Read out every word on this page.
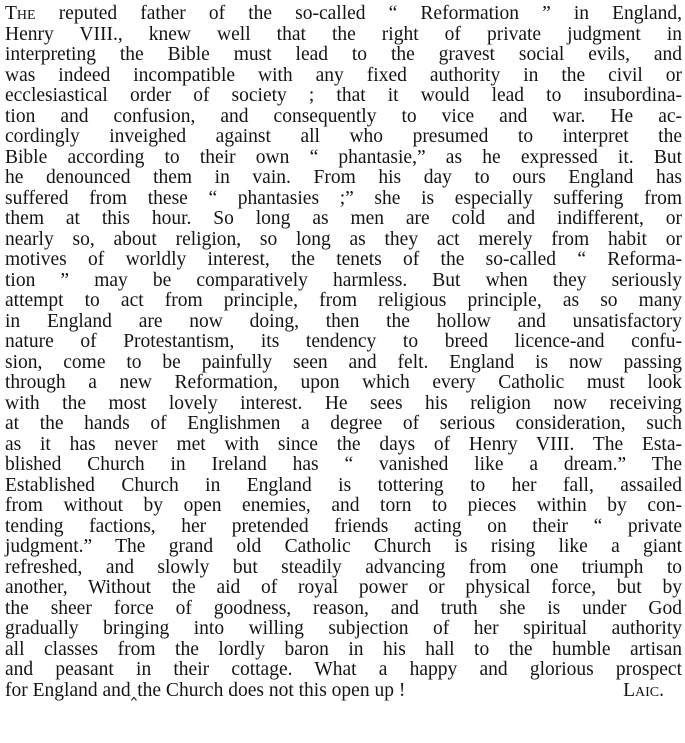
The reputed father of the so-called “ Reformation ” in England,
Henry VIII., knew well that the right of private judgment in
interpreting the Bible must lead to the gravest social evils, and
was indeed incompatible with any fixed authority in the civil or
ecclesiastical order of society ; that it would lead to insubordina-
tion and confusion, and consequently to vice and war. He ac-
cordingly inveighed against all who presumed to interpret the
Bible according to their own “ phantasie,” as he expressed it. But
he denounced them in vain. From his day to ours England has
suffered from these “ phantasies ;” she is especially suffering from
them at this hour. So long as men are cold and indifferent, or
nearly so, about religion, so long as they act merely from habit or
motives of worldly interest, the tenets of the so-called “ Reforma-
tion ” may be comparatively harmless. But when they seriously
attempt to act from principle, from religious principle, as so many
in England are now doing, then the hollow and unsatisfactory
nature of Protestantism, its tendency to breed licence-and confu-
sion, come to be painfully seen and felt. England is now passing
through a new Reformation, upon which every Catholic must look
with the most lovely interest. He sees his religion now receiving
at the hands of Englishmen a degree of serious consideration, such
as it has never met with since the days of Henry VIII. The Esta-
blished Church in Ireland has “ vanished like a dream.” The
Established Church in England is tottering to her fall, assailed
from without by open enemies, and torn to pieces within by con-
tending factions, her pretended friends acting on their “ private
judgment.” The grand old Catholic Church is rising like a giant
refreshed, and slowly but steadily advancing from one triumph to
another, Without the aid of royal power or physical force, but by
the sheer force of goodness, reason, and truth she is under God
gradually bringing into willing subjection of her spiritual authority
all classes from the lordly baron in his hall to the humble artisan
and peasant in their cottage. What a happy and glorious prospect
for England and‸the Church does not this open up !	Laic.
